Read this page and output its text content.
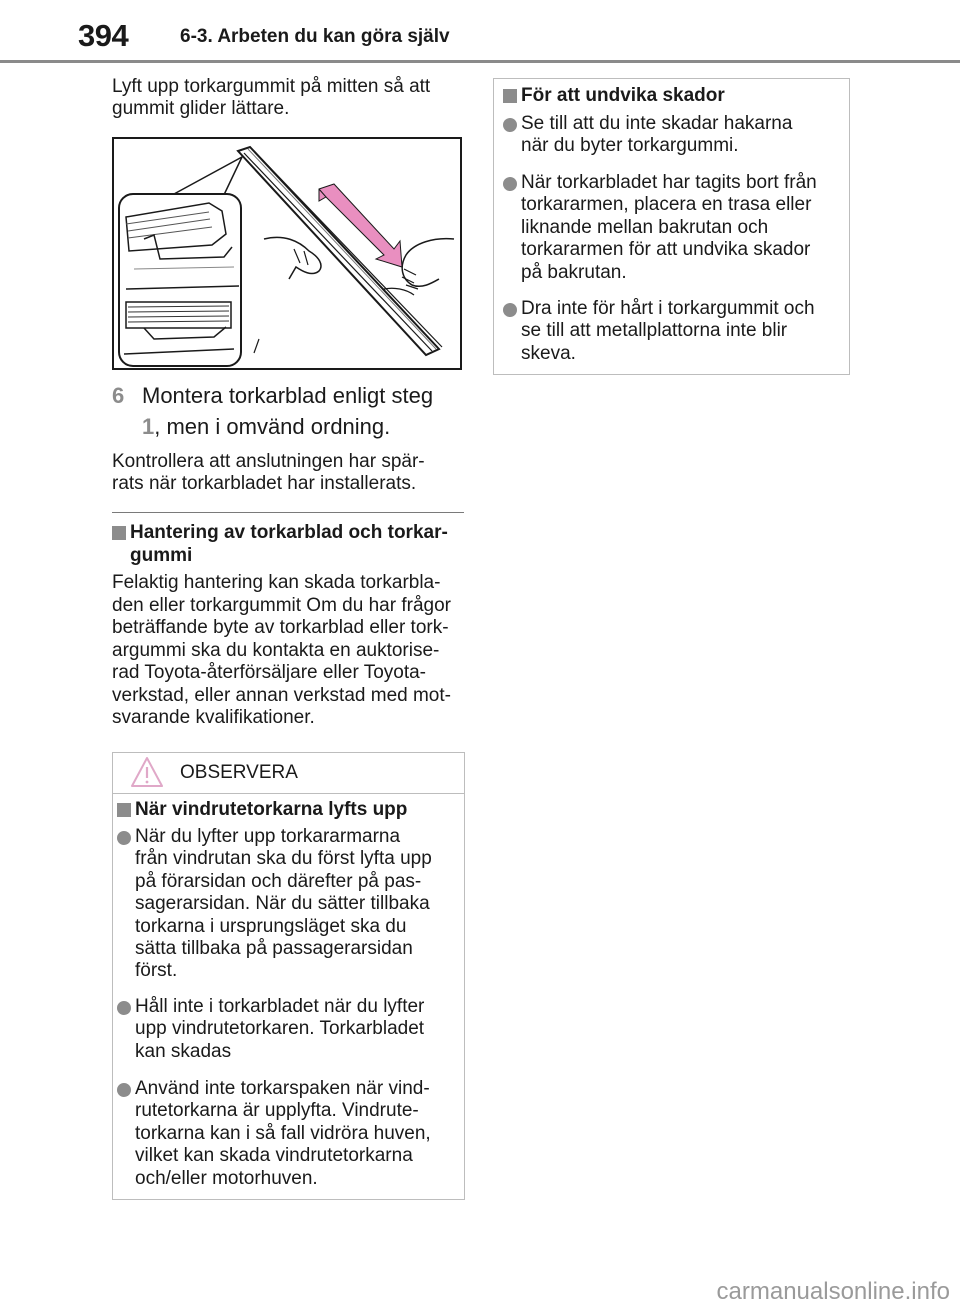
394	6-3. Arbeten du kan göra själv
Lyft upp torkargummit på mitten så att
gummit glider lättare.
6 Montera torkarblad enligt steg
1, men i omvänd ordning.
Kontrollera att anslutningen har spär-
rats när torkarbladet har installerats.
Hantering av torkarblad och torkar-
gummi
Felaktig hantering kan skada torkarbla-
den eller torkargummit Om du har frågor
beträffande byte av torkarblad eller tork-
argummi ska du kontakta en auktorise-
rad Toyota-återförsäljare eller Toyota-
verkstad, eller annan verkstad med mot-
svarande kvalifikationer.
OBSERVERA
När vindrutetorkarna lyfts upp
När du lyfter upp torkararmarna
från vindrutan ska du först lyfta upp
på förarsidan och därefter på pas-
sagerarsidan. När du sätter tillbaka
torkarna i ursprungsläget ska du
sätta tillbaka på passagerarsidan
först.
Håll inte i torkarbladet när du lyfter
upp vindrutetorkaren. Torkarbladet
kan skadas
Använd inte torkarspaken när vind-
rutetorkarna är upplyfta. Vindrute-
torkarna kan i så fall vidröra huven,
vilket kan skada vindrutetorkarna
och/eller motorhuven.
För att undvika skador
Se till att du inte skadar hakarna
när du byter torkargummi.
När torkarbladet har tagits bort från
torkararmen, placera en trasa eller
liknande mellan bakrutan och
torkararmen för att undvika skador
på bakrutan.
Dra inte för hårt i torkargummit och
se till att metallplattorna inte blir
skeva.
carmanualsonline.info
